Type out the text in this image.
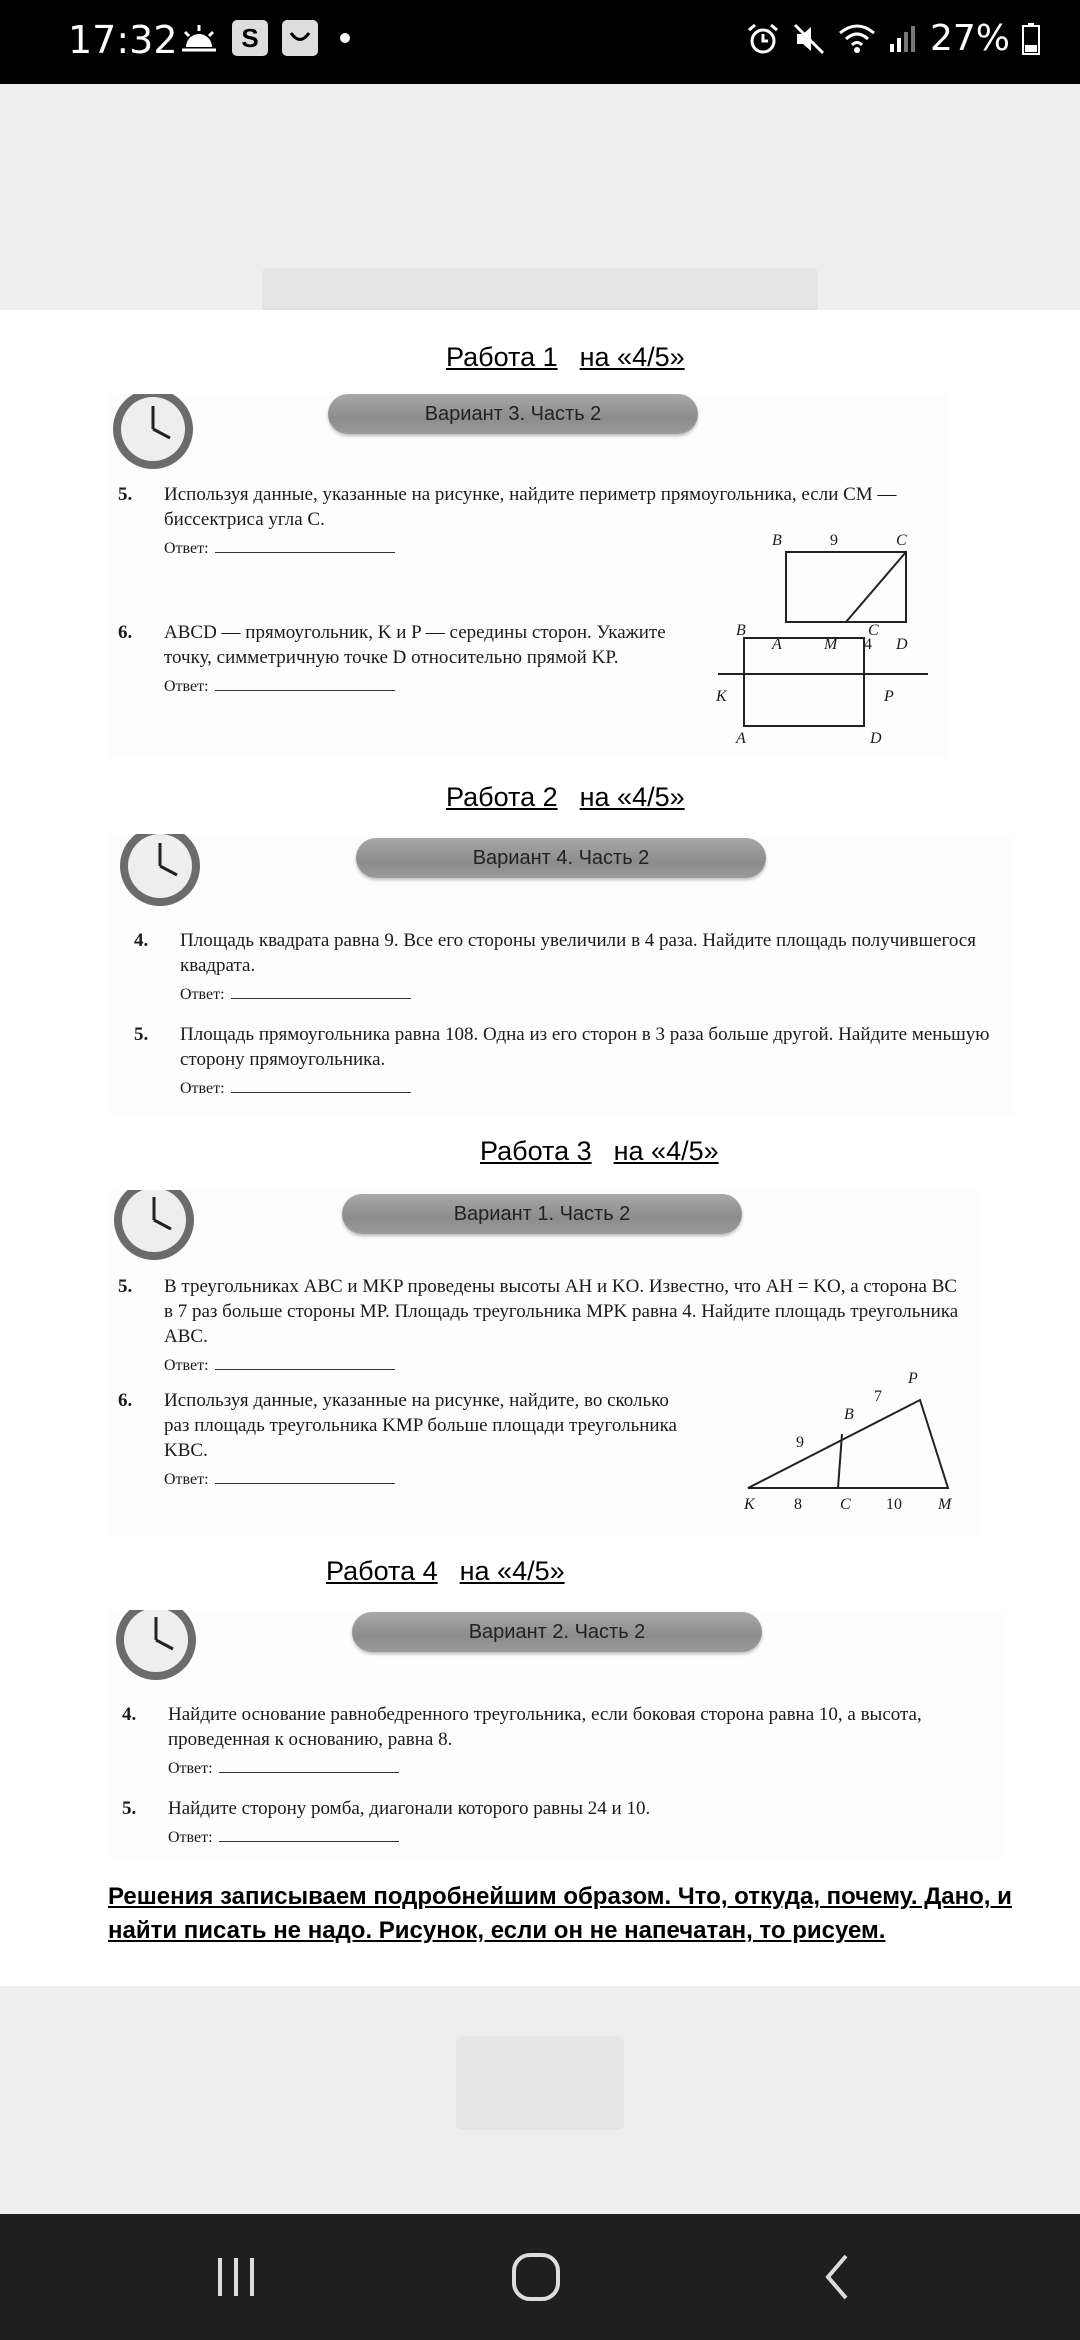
17:32	S	27%
Работа 1 на «4/5»
Вариант 3. Часть 2
5. Используя данные, указанные на рисунке, найдите периметр прямоугольника, если CM — биссектриса угла C.
Ответ:	B	9	C
6. ABCD — прямоугольник, K и P — середины сторон. Укажите точку, симметричную точке D относительно прямой KP.
Ответ:
A	M 4 D
B	C
K	P
A	D
Работа 2 на «4/5»
Вариант 4. Часть 2
4. Площадь квадрата равна 9. Все его стороны увеличили в 4 раза. Найдите площадь получившегося квадрата.
Ответ:
5. Площадь прямоугольника равна 108. Одна из его сторон в 3 раза больше другой. Найдите меньшую сторону прямоугольника.
Ответ:
Работа 3 на «4/5»
Вариант 1. Часть 2
5. В треугольниках ABC и MKP проведены высоты AH и KO. Известно, что AH = KO, а сторона BC в 7 раз больше стороны MP. Площадь треугольника MPK равна 4. Найдите площадь треугольника ABC.
Ответ:
6. Используя данные, указанные на рисунке, найдите, во сколько раз площадь треугольника KMP больше площади треугольника KBC.
Ответ:
P
7
B
9
K 8 C 10 M
Работа 4 на «4/5»
Вариант 2. Часть 2
4. Найдите основание равнобедренного треугольника, если боковая сторона равна 10, а высота, проведенная к основанию, равна 8.
Ответ:
5. Найдите сторону ромба, диагонали которого равны 24 и 10.
Ответ:
Решения записываем подробнейшим образом. Что, откуда, почему. Дано, и найти писать не надо. Рисунок, если он не напечатан, то рисуем.
